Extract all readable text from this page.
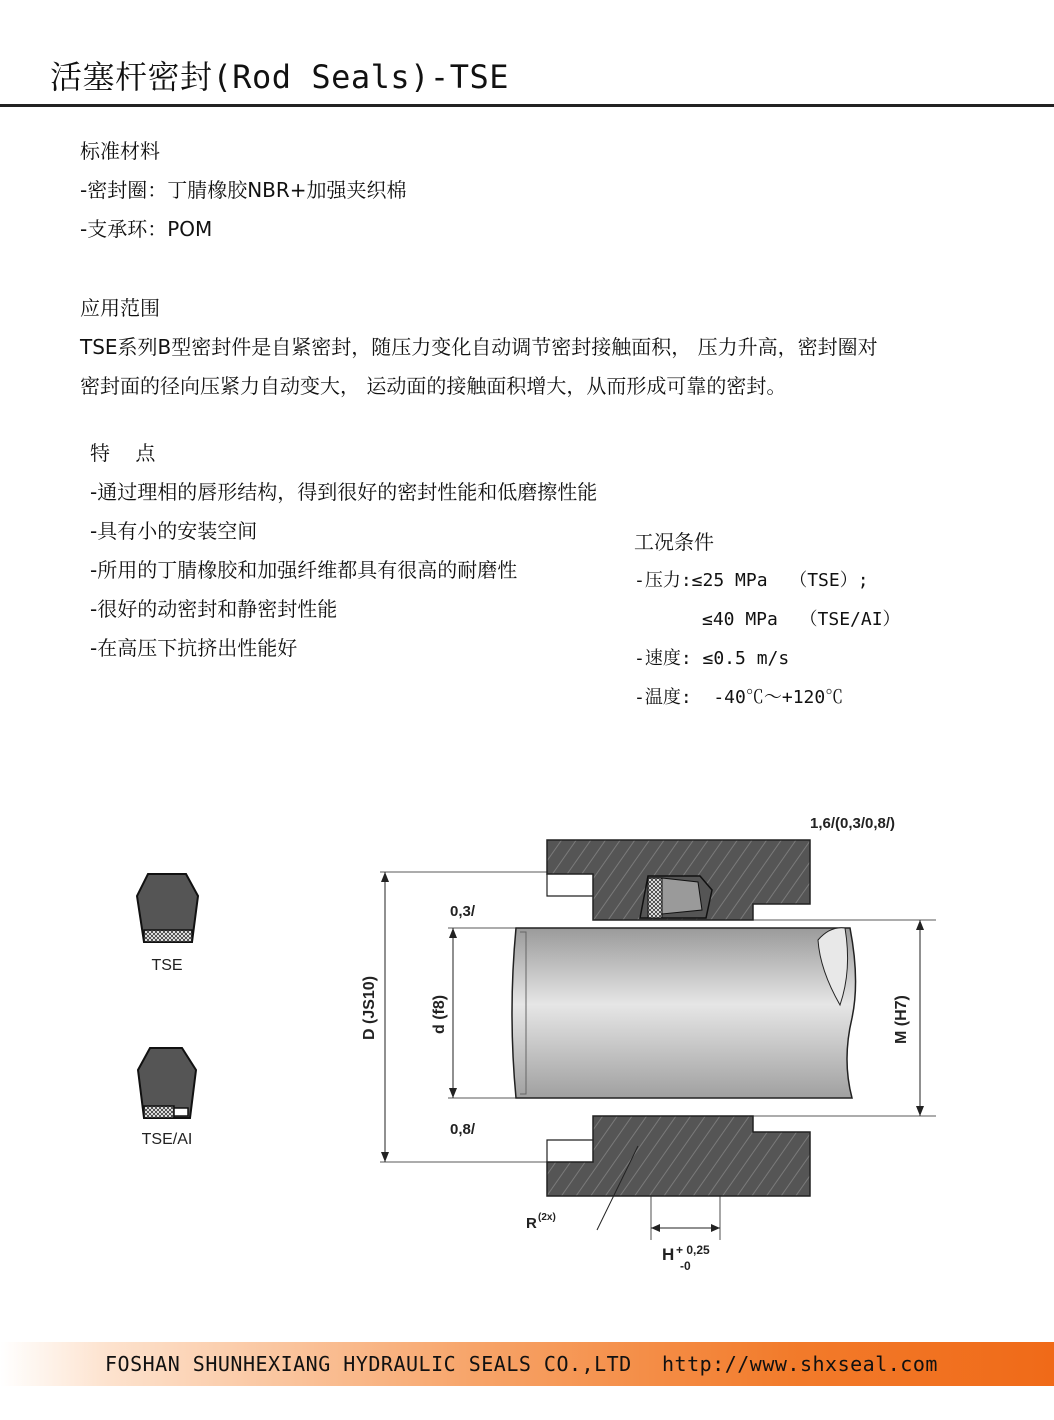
活塞杆密封(Rod Seals)-TSE
标准材料
-密封圈：丁腈橡胶NBR+加强夹织棉
-支承环：POM
应用范围
TSE系列B型密封件是自紧密封，随压力变化自动调节密封接触面积， 压力升高，密封圈对
密封面的径向压紧力自动变大， 运动面的接触面积增大，从而形成可靠的密封。
特    点
-通过理相的唇形结构，得到很好的密封性能和低磨擦性能
-具有小的安装空间
-所用的丁腈橡胶和加强纤维都具有很高的耐磨性
-很好的动密封和静密封性能
-在高压下抗挤出性能好
工况条件
-压力:≤25 MPa  （TSE）;
≤40 MPa  （TSE/AI）
-速度: ≤0.5 m/s
-温度:  -40℃～+120℃
TSE
TSE/AI
1,6/(0,3/0,8/)
0,3/
0,8/
D (JS10)	d (f8)	M (H7)
R (2x)
H + 0,25
-0
FOSHAN SHUNHEXIANG HYDRAULIC SEALS CO.,LTD http://www.shxseal.com
